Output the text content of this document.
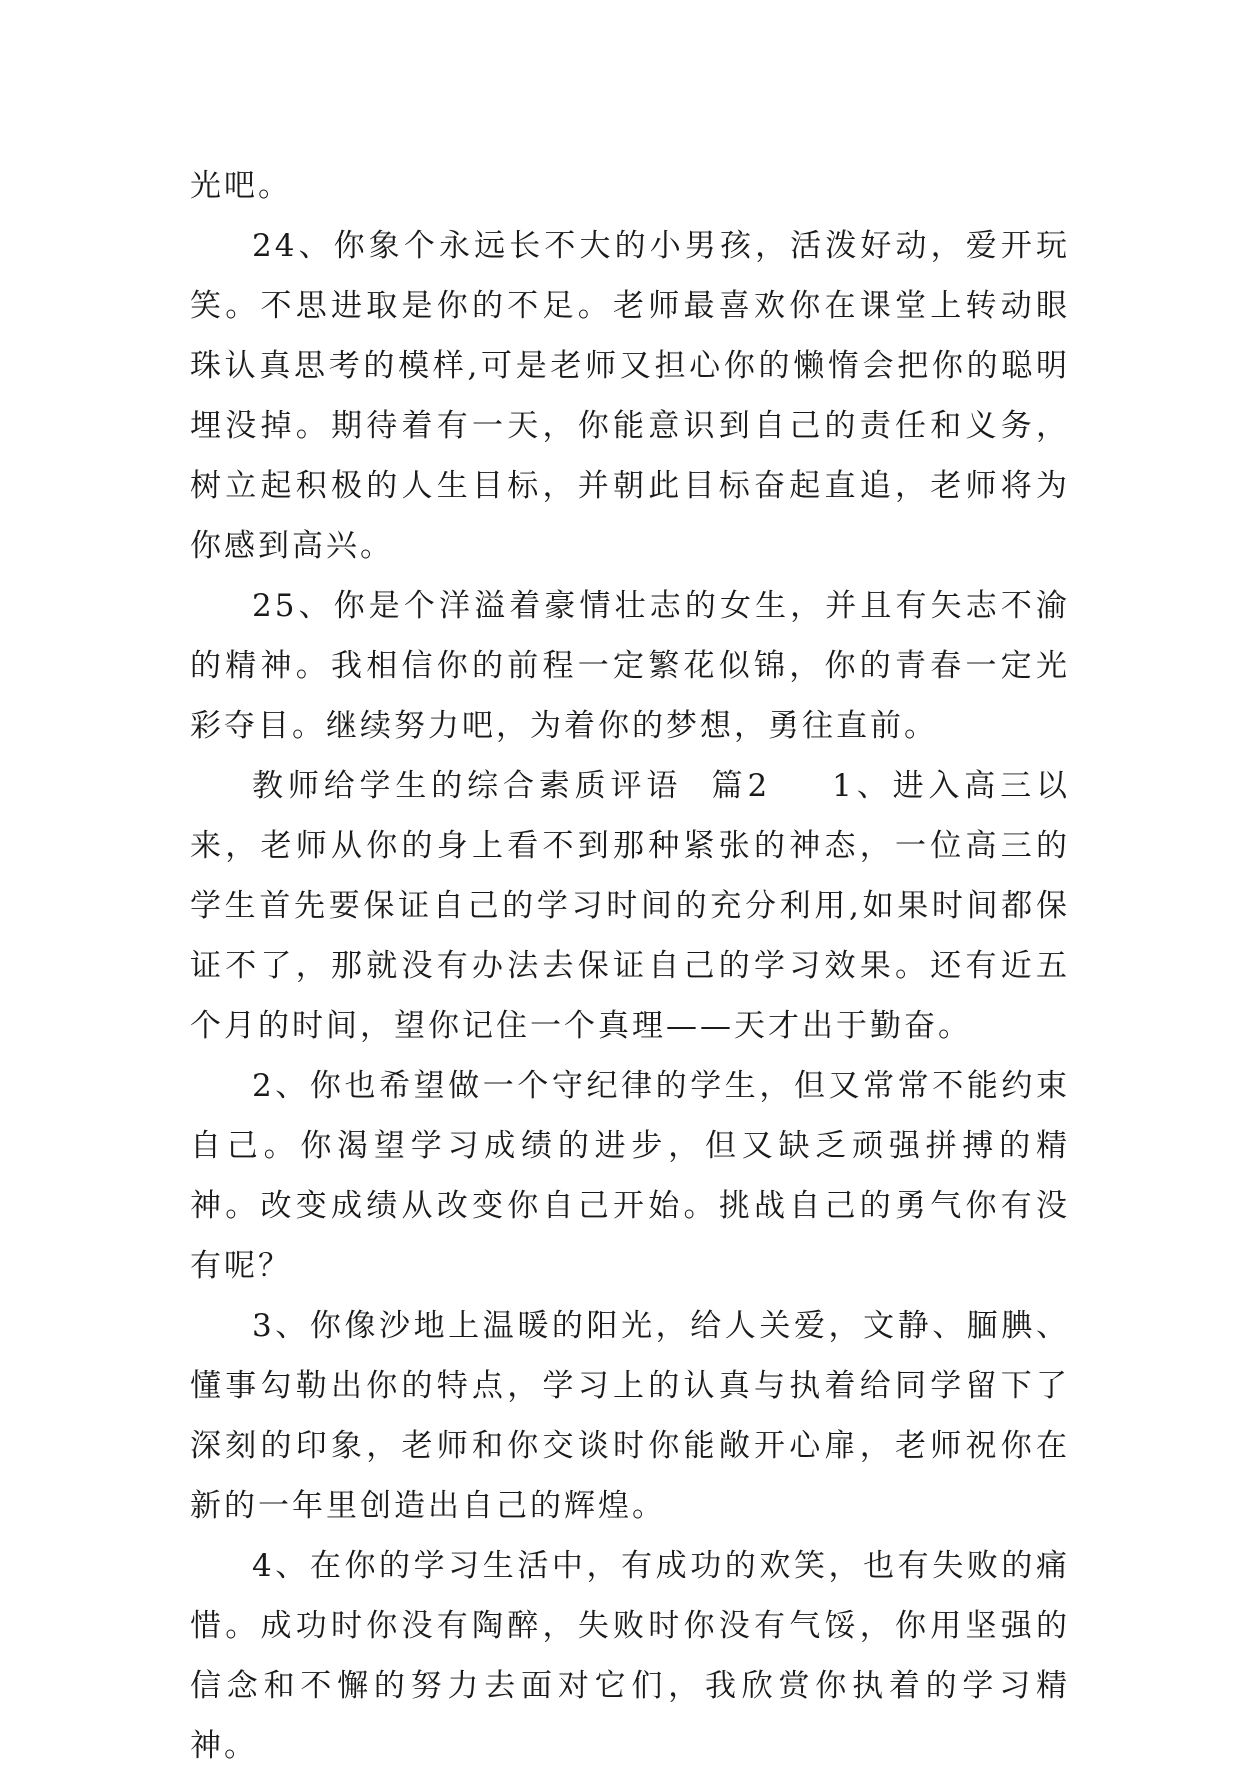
光吧。

24、你象个永远长不大的小男孩，活泼好动，爱开玩笑。不思进取是你的不足。老师最喜欢你在课堂上转动眼珠认真思考的模样,可是老师又担心你的懒惰会把你的聪明埋没掉。期待着有一天，你能意识到自己的责任和义务，树立起积极的人生目标，并朝此目标奋起直追，老师将为你感到高兴。

25、你是个洋溢着豪情壮志的女生，并且有矢志不渝的精神。我相信你的前程一定繁花似锦，你的青春一定光彩夺目。继续努力吧，为着你的梦想，勇往直前。

教师给学生的综合素质评语  篇2 1、进入高三以来，老师从你的身上看不到那种紧张的神态，一位高三的学生首先要保证自己的学习时间的充分利用,如果时间都保证不了，那就没有办法去保证自己的学习效果。还有近五个月的时间，望你记住一个真理——天才出于勤奋。

2、你也希望做一个守纪律的学生，但又常常不能约束自己。你渴望学习成绩的进步，但又缺乏顽强拼搏的精神。改变成绩从改变你自己开始。挑战自己的勇气你有没有呢？

3、你像沙地上温暖的阳光，给人关爱，文静、腼腆、懂事勾勒出你的特点，学习上的认真与执着给同学留下了深刻的印象，老师和你交谈时你能敞开心扉，老师祝你在新的一年里创造出自己的辉煌。

4、在你的学习生活中，有成功的欢笑，也有失败的痛惜。成功时你没有陶醉，失败时你没有气馁，你用坚强的信念和不懈的努力去面对它们，我欣赏你执着的学习精神。
